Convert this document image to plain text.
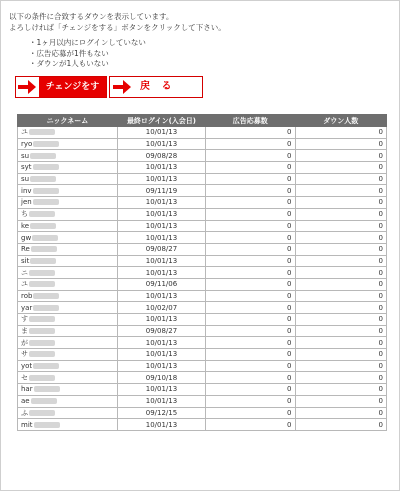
以下の条件に合致するダウンを表示しています。
よろしければ「チェンジをする」ボタンをクリックして下さい。
・1ヶ月以内にログインしていない
・広告応募が1件もない
・ダウンが1人もいない
チェンジをする
戻 る
ニックネーム	最終ログイン(入会日)	広告応募数	ダウン人数
ユ	10/01/13	0	0
ryo	10/01/13	0	0
su	09/08/28	0	0
syt	10/01/13	0	0
su	10/01/13	0	0
inv	09/11/19	0	0
jen	10/01/13	0	0
ち	10/01/13	0	0
ke	10/01/13	0	0
gw	10/01/13	0	0
Re	09/08/27	0	0
sit	10/01/13	0	0
ニ	10/01/13	0	0
ユ	09/11/06	0	0
rob	10/01/13	0	0
yar	10/02/07	0	0
す	10/01/13	0	0
ま	09/08/27	0	0
が	10/01/13	0	0
サ	10/01/13	0	0
yot	10/01/13	0	0
セ	09/10/18	0	0
har	10/01/13	0	0
ae	10/01/13	0	0
ふ	09/12/15	0	0
mit	10/01/13	0	0
